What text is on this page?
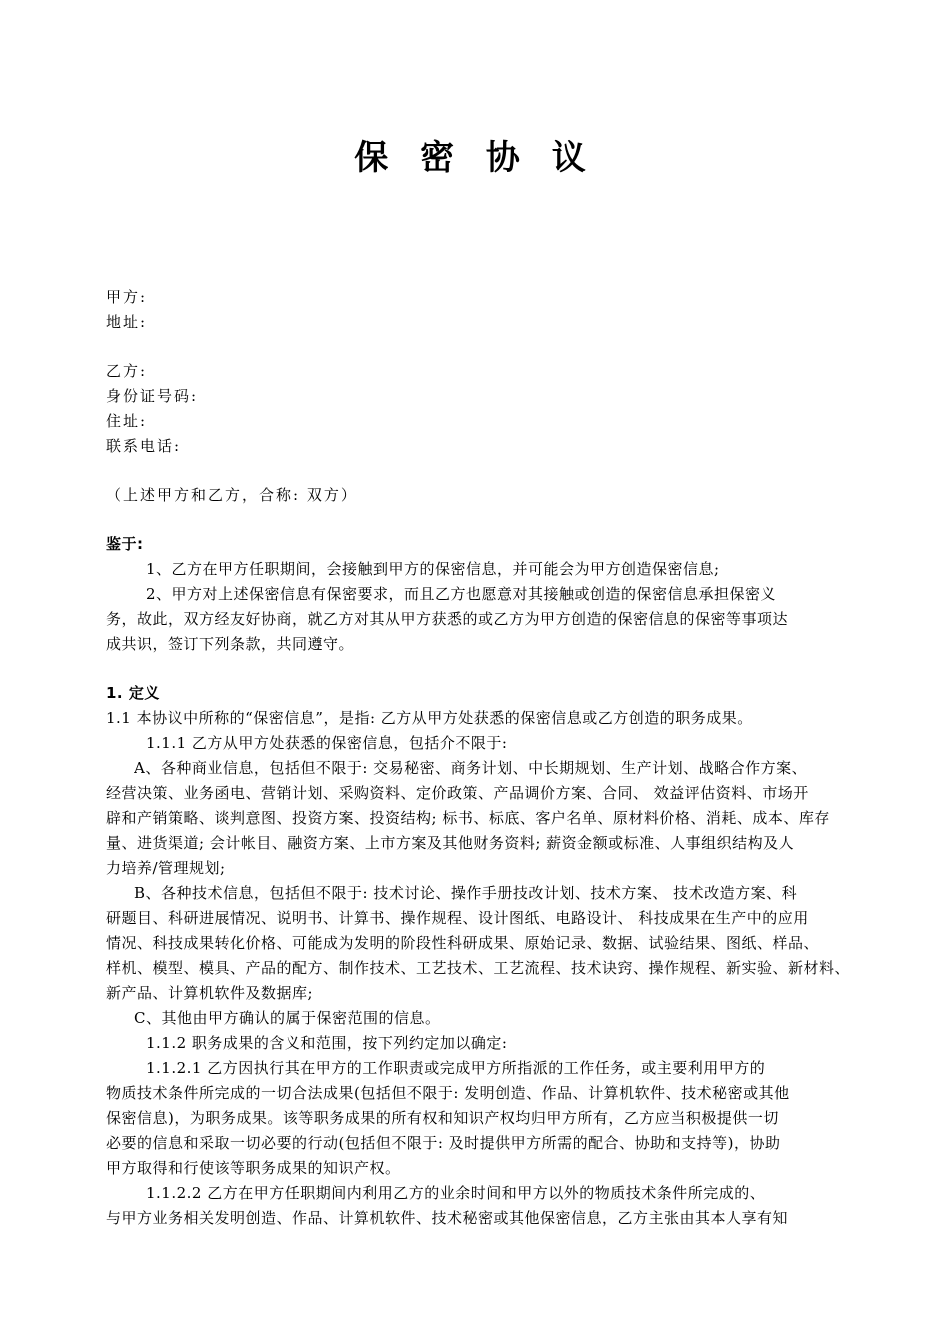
保 密 协 议
甲方:
地址:
乙方:
身份证号码:
住址:
联系电话:
（上述甲方和乙方，合称: 双方）
鉴于:
1、乙方在甲方任职期间，会接触到甲方的保密信息，并可能会为甲方创造保密信息;
2、甲方对上述保密信息有保密要求，而且乙方也愿意对其接触或创造的保密信息承担保密义
务，故此，双方经友好协商，就乙方对其从甲方获悉的或乙方为甲方创造的保密信息的保密等事项达
成共识，签订下列条款，共同遵守。
1. 定义
1.1 本协议中所称的“保密信息”，是指: 乙方从甲方处获悉的保密信息或乙方创造的职务成果。
1.1.1 乙方从甲方处获悉的保密信息，包括介不限于:
A、各种商业信息，包括但不限于: 交易秘密、商务计划、中长期规划、生产计划、战略合作方案、
经营决策、业务函电、营销计划、采购资料、定价政策、产品调价方案、合同、 效益评估资料、市场开
辟和产销策略、谈判意图、投资方案、投资结构; 标书、标底、客户名单、原材料价格、消耗、成本、库存
量、进货渠道; 会计帐目、融资方案、上市方案及其他财务资料; 薪资金额或标准、人事组织结构及人
力培养/管理规划;
B、各种技术信息，包括但不限于: 技术讨论、操作手册技改计划、技术方案、 技术改造方案、科
研题目、科研进展情况、说明书、计算书、操作规程、设计图纸、电路设计、 科技成果在生产中的应用
情况、科技成果转化价格、可能成为发明的阶段性科研成果、原始记录、数据、试验结果、图纸、样品、
样机、模型、模具、产品的配方、制作技术、工艺技术、工艺流程、技术诀窍、操作规程、新实验、新材料、
新产品、计算机软件及数据库;
C、其他由甲方确认的属于保密范围的信息。
1.1.2 职务成果的含义和范围，按下列约定加以确定:
1.1.2.1 乙方因执行其在甲方的工作职责或完成甲方所指派的工作任务，或主要利用甲方的
物质技术条件所完成的一切合法成果(包括但不限于: 发明创造、作品、计算机软件、技术秘密或其他
保密信息)，为职务成果。该等职务成果的所有权和知识产权均归甲方所有，乙方应当积极提供一切
必要的信息和采取一切必要的行动(包括但不限于: 及时提供甲方所需的配合、协助和支持等)，协助
甲方取得和行使该等职务成果的知识产权。
1.1.2.2 乙方在甲方任职期间内利用乙方的业余时间和甲方以外的物质技术条件所完成的、
与甲方业务相关发明创造、作品、计算机软件、技术秘密或其他保密信息，乙方主张由其本人享有知
